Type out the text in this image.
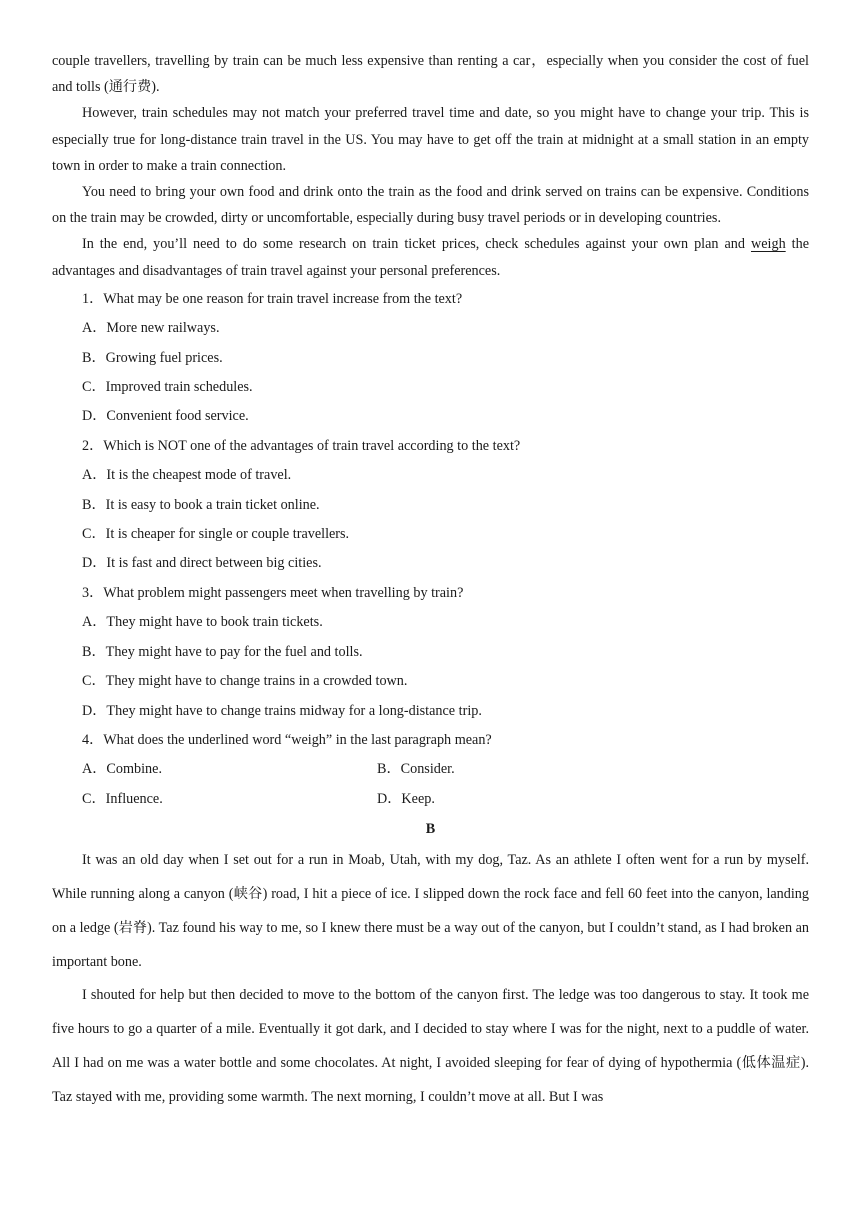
couple travellers, travelling by train can be much less expensive than renting a car，especially when you consider the cost of fuel and tolls (通行费).
However, train schedules may not match your preferred travel time and date, so you might have to change your trip. This is especially true for long-distance train travel in the US. You may have to get off the train at midnight at a small station in an empty town in order to make a train connection.
You need to bring your own food and drink onto the train as the food and drink served on trains can be expensive. Conditions on the train may be crowded, dirty or uncomfortable, especially during busy travel periods or in developing countries.
In the end, you’ll need to do some research on train ticket prices, check schedules against your own plan and weigh the advantages and disadvantages of train travel against your personal preferences.
1．What may be one reason for train travel increase from the text?
A．More new railways.
B．Growing fuel prices.
C．Improved train schedules.
D．Convenient food service.
2．Which is NOT one of the advantages of train travel according to the text?
A．It is the cheapest mode of travel.
B．It is easy to book a train ticket online.
C．It is cheaper for single or couple travellers.
D．It is fast and direct between big cities.
3．What problem might passengers meet when travelling by train?
A．They might have to book train tickets.
B．They might have to pay for the fuel and tolls.
C．They might have to change trains in a crowded town.
D．They might have to change trains midway for a long-distance trip.
4．What does the underlined word “weigh” in the last paragraph mean?
A．Combine.	B．Consider.
C．Influence.	D．Keep.
B
It was an old day when I set out for a run in Moab, Utah, with my dog, Taz. As an athlete I often went for a run by myself. While running along a canyon (峡谷) road, I hit a piece of ice. I slipped down the rock face and fell 60 feet into the canyon, landing on a ledge (岩脊). Taz found his way to me, so I knew there must be a way out of the canyon, but I couldn’t stand, as I had broken an important bone.
I shouted for help but then decided to move to the bottom of the canyon first. The ledge was too dangerous to stay. It took me five hours to go a quarter of a mile. Eventually it got dark, and I decided to stay where I was for the night, next to a puddle of water. All I had on me was a water bottle and some chocolates. At night, I avoided sleeping for fear of dying of hypothermia (低体温症). Taz stayed with me, providing some warmth. The next morning, I couldn’t move at all. But I was
